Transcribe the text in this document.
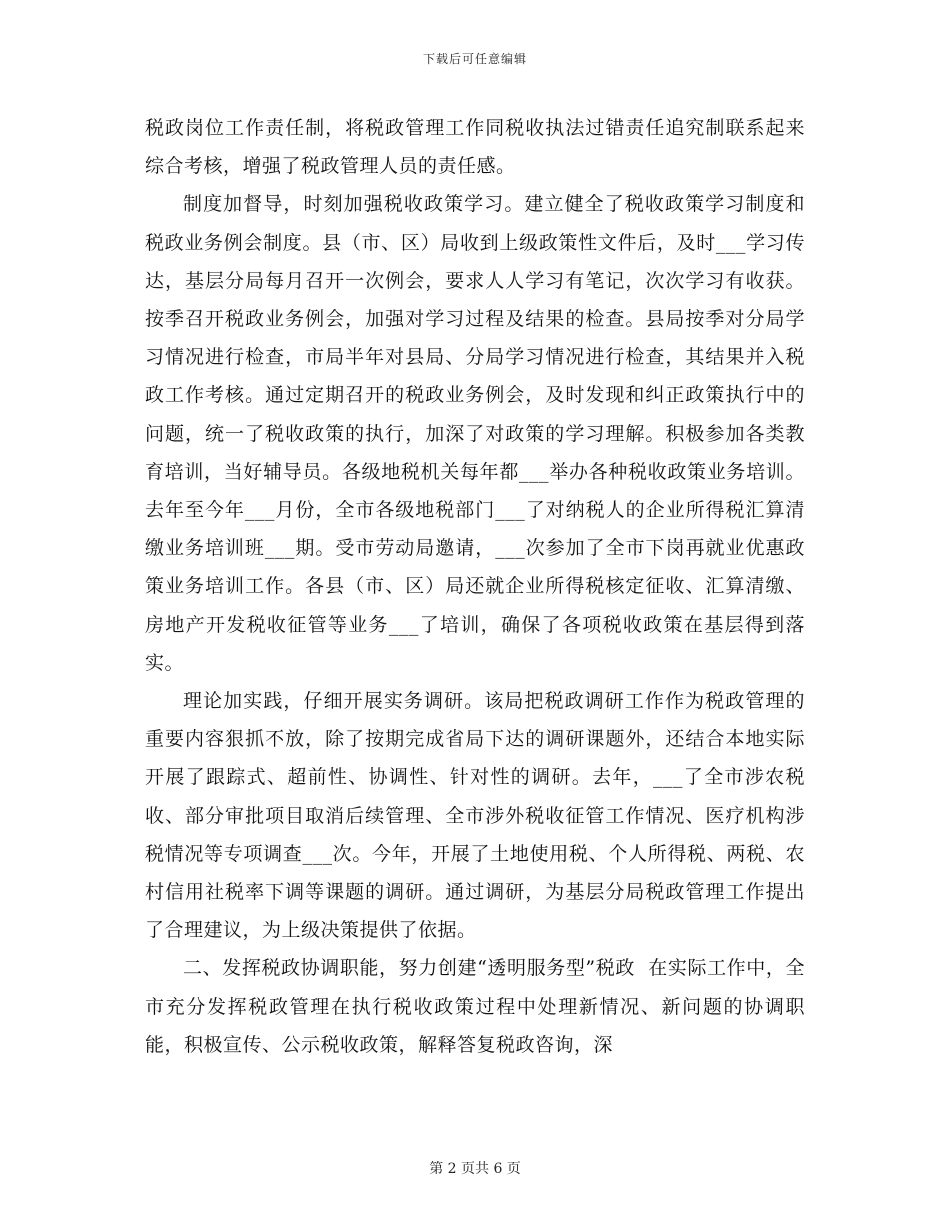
下载后可任意编辑

税政岗位工作责任制，将税政管理工作同税收执法过错责任追究制联系起来综合考核，增强了税政管理人员的责任感。

制度加督导，时刻加强税收政策学习。建立健全了税收政策学习制度和税政业务例会制度。县（市、区）局收到上级政策性文件后，及时___学习传达，基层分局每月召开一次例会，要求人人学习有笔记，次次学习有收获。按季召开税政业务例会，加强对学习过程及结果的检查。县局按季对分局学习情况进行检查，市局半年对县局、分局学习情况进行检查，其结果并入税政工作考核。通过定期召开的税政业务例会，及时发现和纠正政策执行中的问题，统一了税收政策的执行，加深了对政策的学习理解。积极参加各类教育培训，当好辅导员。各级地税机关每年都___举办各种税收政策业务培训。去年至今年___月份，全市各级地税部门___了对纳税人的企业所得税汇算清缴业务培训班___期。受市劳动局邀请，___次参加了全市下岗再就业优惠政策业务培训工作。各县（市、区）局还就企业所得税核定征收、汇算清缴、房地产开发税收征管等业务___了培训，确保了各项税收政策在基层得到落实。

理论加实践，仔细开展实务调研。该局把税政调研工作作为税政管理的重要内容狠抓不放，除了按期完成省局下达的调研课题外，还结合本地实际开展了跟踪式、超前性、协调性、针对性的调研。去年，___了全市涉农税收、部分审批项目取消后续管理、全市涉外税收征管工作情况、医疗机构涉税情况等专项调查___次。今年，开展了土地使用税、个人所得税、两税、农村信用社税率下调等课题的调研。通过调研，为基层分局税政管理工作提出了合理建议，为上级决策提供了依据。

二、发挥税政协调职能，努力创建“透明服务型”税政  在实际工作中，全市充分发挥税政管理在执行税收政策过程中处理新情况、新问题的协调职能，积极宣传、公示税收政策，解释答复税政咨询，深

第 2 页共 6 页
